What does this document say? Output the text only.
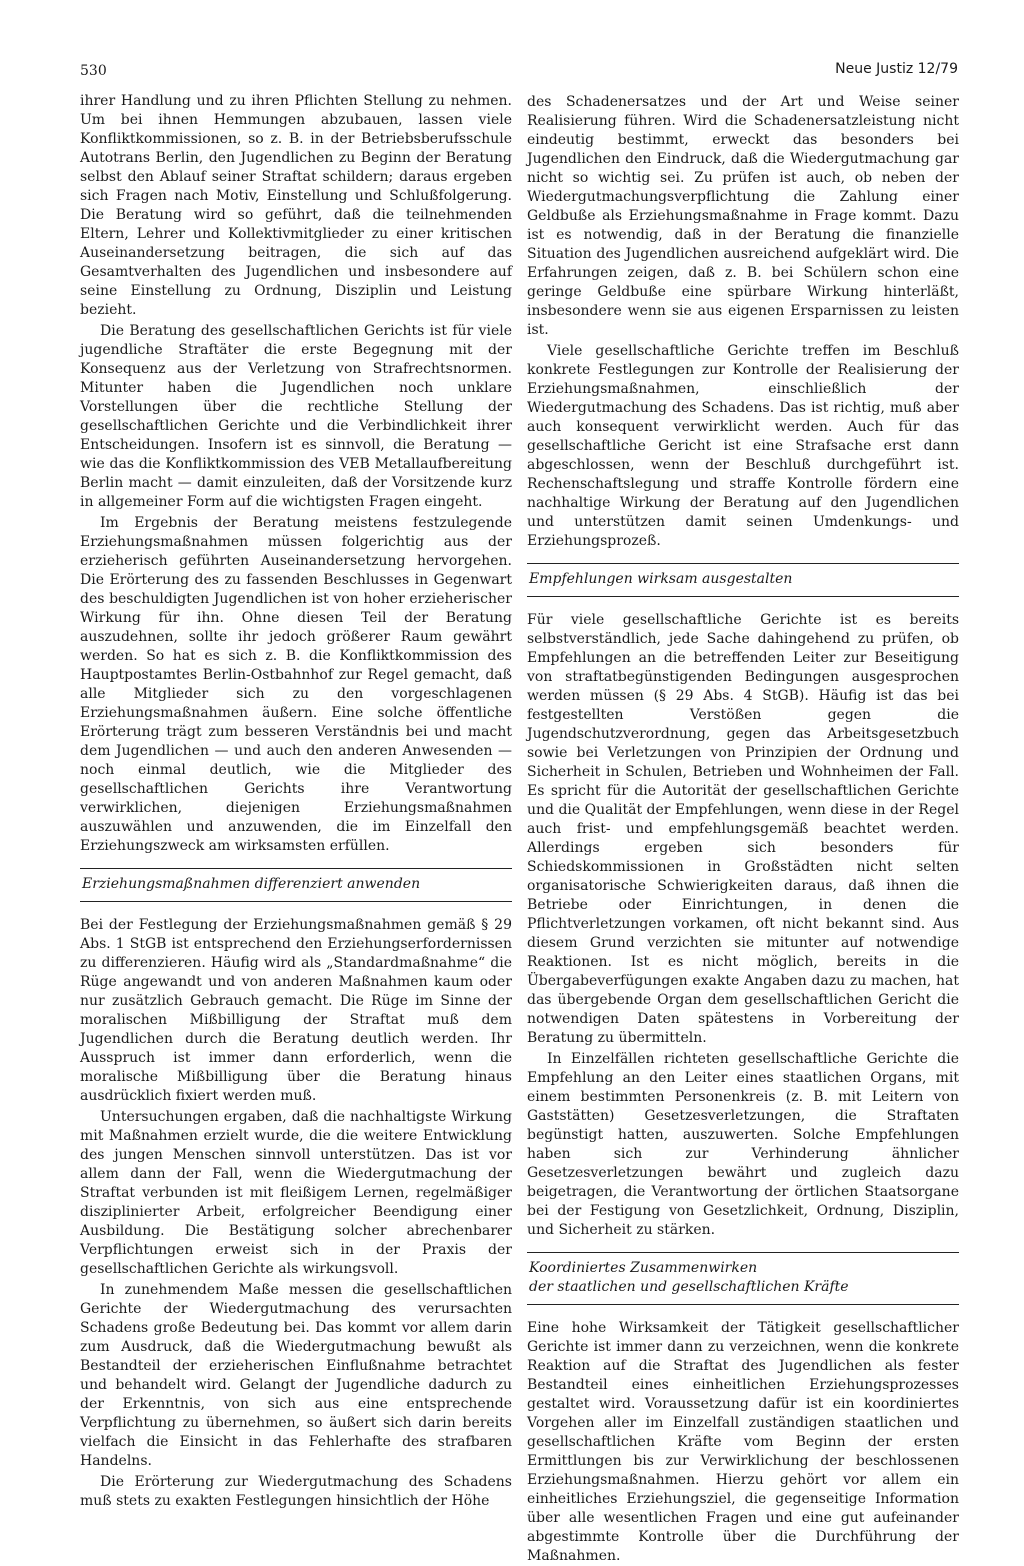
530	Neue Justiz 12/79

ihrer Handlung und zu ihren Pflichten Stellung zu nehmen. Um bei ihnen Hemmungen abzubauen, lassen viele Konfliktkommissionen, so z. B. in der Betriebsberufsschule Autotrans Berlin, den Jugendlichen zu Beginn der Beratung selbst den Ablauf seiner Straftat schildern; daraus ergeben sich Fragen nach Motiv, Einstellung und Schlußfolgerung. Die Beratung wird so geführt, daß die teilnehmenden Eltern, Lehrer und Kollektivmitglieder zu einer kritischen Auseinandersetzung beitragen, die sich auf das Gesamtverhalten des Jugendlichen und insbesondere auf seine Einstellung zu Ordnung, Disziplin und Leistung bezieht.

Die Beratung des gesellschaftlichen Gerichts ist für viele jugendliche Straftäter die erste Begegnung mit der Konsequenz aus der Verletzung von Strafrechtsnormen. Mitunter haben die Jugendlichen noch unklare Vorstellungen über die rechtliche Stellung der gesellschaftlichen Gerichte und die Verbindlichkeit ihrer Entscheidungen. Insofern ist es sinnvoll, die Beratung — wie das die Konfliktkommission des VEB Metallaufbereitung Berlin macht — damit einzuleiten, daß der Vorsitzende kurz in allgemeiner Form auf die wichtigsten Fragen eingeht.

Im Ergebnis der Beratung meistens festzulegende Erziehungsmaßnahmen müssen folgerichtig aus der erzieherisch geführten Auseinandersetzung hervorgehen. Die Erörterung des zu fassenden Beschlusses in Gegenwart des beschuldigten Jugendlichen ist von hoher erzieherischer Wirkung für ihn. Ohne diesen Teil der Beratung auszudehnen, sollte ihr jedoch größerer Raum gewährt werden. So hat es sich z. B. die Konfliktkommission des Hauptpostamtes Berlin-Ostbahnhof zur Regel gemacht, daß alle Mitglieder sich zu den vorgeschlagenen Erziehungsmaßnahmen äußern. Eine solche öffentliche Erörterung trägt zum besseren Verständnis bei und macht dem Jugendlichen — und auch den anderen Anwesenden — noch einmal deutlich, wie die Mitglieder des gesellschaftlichen Gerichts ihre Verantwortung verwirklichen, diejenigen Erziehungsmaßnahmen auszuwählen und anzuwenden, die im Einzelfall den Erziehungszweck am wirksamsten erfüllen.

Erziehungsmaßnahmen differenziert anwenden

Bei der Festlegung der Erziehungsmaßnahmen gemäß § 29 Abs. 1 StGB ist entsprechend den Erziehungserfordernissen zu differenzieren. Häufig wird als „Standardmaßnahme“ die Rüge angewandt und von anderen Maßnahmen kaum oder nur zusätzlich Gebrauch gemacht. Die Rüge im Sinne der moralischen Mißbilligung der Straftat muß dem Jugendlichen durch die Beratung deutlich werden. Ihr Ausspruch ist immer dann erforderlich, wenn die moralische Mißbilligung über die Beratung hinaus ausdrücklich fixiert werden muß.

Untersuchungen ergaben, daß die nachhaltigste Wirkung mit Maßnahmen erzielt wurde, die die weitere Entwicklung des jungen Menschen sinnvoll unterstützen. Das ist vor allem dann der Fall, wenn die Wiedergutmachung der Straftat verbunden ist mit fleißigem Lernen, regelmäßiger disziplinierter Arbeit, erfolgreicher Beendigung einer Ausbildung. Die Bestätigung solcher abrechenbarer Verpflichtungen erweist sich in der Praxis der gesellschaftlichen Gerichte als wirkungsvoll.

In zunehmendem Maße messen die gesellschaftlichen Gerichte der Wiedergutmachung des verursachten Schadens große Bedeutung bei. Das kommt vor allem darin zum Ausdruck, daß die Wiedergutmachung bewußt als Bestandteil der erzieherischen Einflußnahme betrachtet und behandelt wird. Gelangt der Jugendliche dadurch zu der Erkenntnis, von sich aus eine entsprechende Verpflichtung zu übernehmen, so äußert sich darin bereits vielfach die Einsicht in das Fehlerhafte des strafbaren Handelns.

Die Erörterung zur Wiedergutmachung des Schadens muß stets zu exakten Festlegungen hinsichtlich der Höhe

des Schadenersatzes und der Art und Weise seiner Realisierung führen. Wird die Schadenersatzleistung nicht eindeutig bestimmt, erweckt das besonders bei Jugendlichen den Eindruck, daß die Wiedergutmachung gar nicht so wichtig sei. Zu prüfen ist auch, ob neben der Wiedergutmachungsverpflichtung die Zahlung einer Geldbuße als Erziehungsmaßnahme in Frage kommt. Dazu ist es notwendig, daß in der Beratung die finanzielle Situation des Jugendlichen ausreichend aufgeklärt wird. Die Erfahrungen zeigen, daß z. B. bei Schülern schon eine geringe Geldbuße eine spürbare Wirkung hinterläßt, insbesondere wenn sie aus eigenen Ersparnissen zu leisten ist.

Viele gesellschaftliche Gerichte treffen im Beschluß konkrete Festlegungen zur Kontrolle der Realisierung der Erziehungsmaßnahmen, einschließlich der Wiedergutmachung des Schadens. Das ist richtig, muß aber auch konsequent verwirklicht werden. Auch für das gesellschaftliche Gericht ist eine Strafsache erst dann abgeschlossen, wenn der Beschluß durchgeführt ist. Rechenschaftslegung und straffe Kontrolle fördern eine nachhaltige Wirkung der Beratung auf den Jugendlichen und unterstützen damit seinen Umdenkungs- und Erziehungsprozeß.

Empfehlungen wirksam ausgestalten

Für viele gesellschaftliche Gerichte ist es bereits selbstverständlich, jede Sache dahingehend zu prüfen, ob Empfehlungen an die betreffenden Leiter zur Beseitigung von straftatbegünstigenden Bedingungen ausgesprochen werden müssen (§ 29 Abs. 4 StGB). Häufig ist das bei festgestellten Verstößen gegen die Jugendschutzverordnung, gegen das Arbeitsgesetzbuch sowie bei Verletzungen von Prinzipien der Ordnung und Sicherheit in Schulen, Betrieben und Wohnheimen der Fall. Es spricht für die Autorität der gesellschaftlichen Gerichte und die Qualität der Empfehlungen, wenn diese in der Regel auch frist- und empfehlungsgemäß beachtet werden. Allerdings ergeben sich besonders für Schiedskommissionen in Großstädten nicht selten organisatorische Schwierigkeiten daraus, daß ihnen die Betriebe oder Einrichtungen, in denen die Pflichtverletzungen vorkamen, oft nicht bekannt sind. Aus diesem Grund verzichten sie mitunter auf notwendige Reaktionen. Ist es nicht möglich, bereits in die Übergabeverfügungen exakte Angaben dazu zu machen, hat das übergebende Organ dem gesellschaftlichen Gericht die notwendigen Daten spätestens in Vorbereitung der Beratung zu übermitteln.

In Einzelfällen richteten gesellschaftliche Gerichte die Empfehlung an den Leiter eines staatlichen Organs, mit einem bestimmten Personenkreis (z. B. mit Leitern von Gaststätten) Gesetzesverletzungen, die Straftaten begünstigt hatten, auszuwerten. Solche Empfehlungen haben sich zur Verhinderung ähnlicher Gesetzesverletzungen bewährt und zugleich dazu beigetragen, die Verantwortung der örtlichen Staatsorgane bei der Festigung von Gesetzlichkeit, Ordnung, Disziplin, und Sicherheit zu stärken.

Koordiniertes Zusammenwirken
der staatlichen und gesellschaftlichen Kräfte

Eine hohe Wirksamkeit der Tätigkeit gesellschaftlicher Gerichte ist immer dann zu verzeichnen, wenn die konkrete Reaktion auf die Straftat des Jugendlichen als fester Bestandteil eines einheitlichen Erziehungsprozesses gestaltet wird. Voraussetzung dafür ist ein koordiniertes Vorgehen aller im Einzelfall zuständigen staatlichen und gesellschaftlichen Kräfte vom Beginn der ersten Ermittlungen bis zur Verwirklichung der beschlossenen Erziehungsmaßnahmen. Hierzu gehört vor allem ein einheitliches Erziehungsziel, die gegenseitige Information über alle wesentlichen Fragen und eine gut aufeinander abgestimmte Kontrolle über die Durchführung der Maßnahmen.
